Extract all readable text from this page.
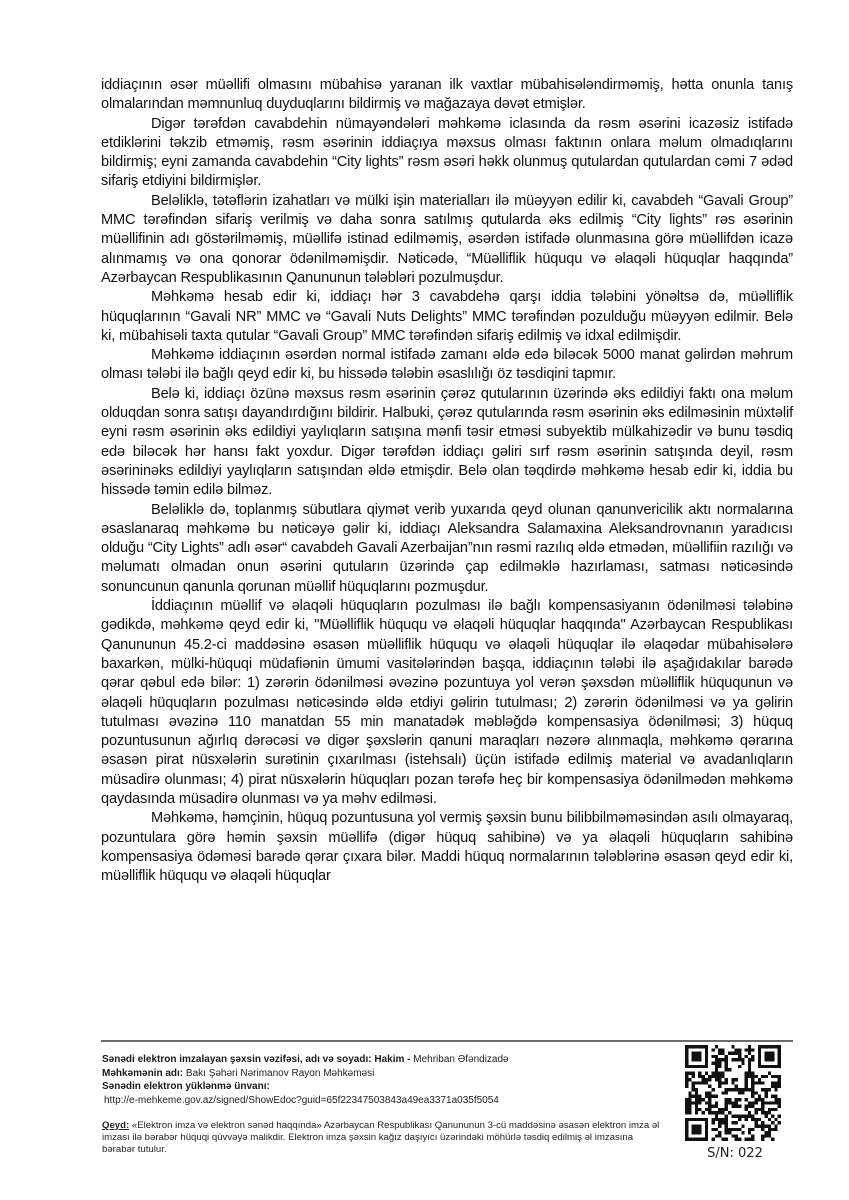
iddiaçının əsər müəllifi olmasını mübahisə yaranan ilk vaxtlar mübahisələndirməmiş, hətta onunla tanış olmalarından məmnunluq duyduqlarını bildirmiş və mağazaya dəvət etmişlər.

Digər tərəfdən cavabdehin nümayəndələri məhkəmə iclasında da rəsm əsərini icazəsiz istifadə etdiklərini təkzib etməmiş, rəsm əsərinin iddiaçıya məxsus olması faktının onlara məlum olmadıqlarını bildirmiş; eyni zamanda cavabdehin “City lights” rəsm əsəri həkk olunmuş qutulardan qutulardan cəmi 7 ədəd sifariş etdiyini bildirmişlər.

Beləliklə, tətəflərin izahatları və mülki işin materialları ilə müəyyən edilir ki, cavabdeh “Gavali Group” MMC tərəfindən sifariş verilmiş və daha sonra satılmış qutularda əks edilmiş “City lights” rəs əsərinin müəllifinin adı göstərilməmiş, müəllifə istinad edilməmiş, əsərdən istifadə olunmasına görə müəllifdən icazə alınmamış və ona qonorar ödənilməmişdir. Nəticədə, “Müəlliflik hüququ və əlaqəli hüquqlar haqqında” Azərbaycan Respublikasının Qanununun tələbləri pozulmuşdur.

Məhkəmə hesab edir ki, iddiaçı hər 3 cavabdehə qarşı iddia tələbini yönəltsə də, müəlliflik hüquqlarının “Gavali NR” MMC və “Gavali Nuts Delights” MMC tərəfindən pozulduğu müəyyən edilmir. Belə ki, mübahisəli taxta qutular “Gavali Group” MMC tərəfindən sifariş edilmiş və idxal edilmişdir.

Məhkəmə iddiaçının əsərdən normal istifadə zamanı əldə edə biləcək 5000 manat gəlirdən məhrum olması tələbi ilə bağlı qeyd edir ki, bu hissədə tələbin əsaslılığı öz təsdiqini tapmır.

Belə ki, iddiaçı özünə məxsus rəsm əsərinin çərəz qutularının üzərində əks edildiyi faktı ona məlum olduqdan sonra satışı dayandırdığını bildirir. Halbuki, çərəz qutularında rəsm əsərinin əks edilməsinin müxtəlif eyni rəsm əsərinin əks edildiyi yaylıqların satışına mənfi təsir etməsi subyektib mülkahizədir və bunu təsdiq edə biləcək hər hansı fakt yoxdur. Digər tərəfdən iddiaçı gəliri sırf rəsm əsərinin satışında deyil, rəsm əsərininəks edildiyi yaylıqların satışından əldə etmişdir. Belə olan təqdirdə məhkəmə hesab edir ki, iddia bu hissədə təmin edilə bilməz.

Beləliklə də, toplanmış sübutlara qiymət verib yuxarıda qeyd olunan qanunvericilik aktı normalarına əsaslanaraq məhkəmə bu nəticəyə gəlir ki, iddiaçı Aleksandra Salamaxina Aleksandrovnanın yaradıcısı olduğu “City Lights” adlı əsər“ cavabdeh Gavali Azerbaijan”nın rəsmi razılıq əldə etmədən, müəllifiin razılığı və məlumatı olmadan onun əsərini qutuların üzərində çap edilməklə hazırlaması, satması nəticəsində sonuncunun qanunla qorunan müəllif hüquqlarını pozmuşdur.

İddiaçının müəllif və əlaqəli hüquqların pozulması ilə bağlı kompensasiyanın ödənilməsi tələbinə gədikdə, məhkəmə qeyd edir ki, "Müəlliflik hüququ və əlaqəli hüquqlar haqqında" Azərbaycan Respublikası Qanununun 45.2-ci maddəsinə əsasən müəlliflik hüququ və əlaqəli hüquqlar ilə əlaqədar mübahisələrə baxarkən, mülki-hüquqi müdafiənin ümumi vasitələrindən başqa, iddiaçının tələbi ilə aşağıdakılar barədə qərar qəbul edə bilər: 1) zərərin ödənilməsi əvəzinə pozuntuya yol verən şəxsdən müəlliflik hüququnun və əlaqəli hüquqların pozulması nəticəsində əldə etdiyi gəlirin tutulması; 2) zərərin ödənilməsi və ya gəlirin tutulması əvəzinə 110 manatdan 55 min manatadək məbləğdə kompensasiya ödənilməsi; 3) hüquq pozuntusunun ağırlıq dərəcəsi və digər şəxslərin qanuni maraqları nəzərə alınmaqla, məhkəmə qərarına əsasən pirat nüsxələrin surətinin çıxarılması (istehsalı) üçün istifadə edilmiş material və avadanlıqların müsadirə olunması; 4) pirat nüsxələrin hüquqları pozan tərəfə heç bir kompensasiya ödənilmədən məhkəmə qaydasında müsadirə olunması və ya məhv edilməsi.

Məhkəmə, həmçinin, hüquq pozuntusuna yol vermiş şəxsin bunu bilibbilməməsindən asılı olmayaraq, pozuntulara görə həmin şəxsin müəllifə (digər hüquq sahibinə) və ya əlaqəli hüquqların sahibinə kompensasiya ödəməsi barədə qərar çıxara bilər. Maddi hüquq normalarının tələblərinə əsasən qeyd edir ki, müəlliflik hüququ və əlaqəli hüquqlar

Sənədi elektron imzalayan şəxsin vəzifəsi, adı və soyadı: Hakim - Mehriban Əfəndizadə
Məhkəmənin adı: Bakı Şəhəri Nərimanov Rayon Məhkəməsi
Sənədin elektron yüklənmə ünvanı:
http://e-mehkeme.gov.az/signed/ShowEdoc?guid=65f22347503843a49ea3371a035f5054
Qeyd: «Elektron imza və elektron sənəd haqqında» Azərbaycan Respublikası Qanununun 3-cü maddəsinə əsasən elektron imza əl imzası ilə bərabər hüquqi qüvvəyə malikdir. Elektron imza şəxsin kağız daşıyıcı üzərindəki möhürlə təsdiq edilmiş əl imzasına bərabər tutulur.	S/N: 022
